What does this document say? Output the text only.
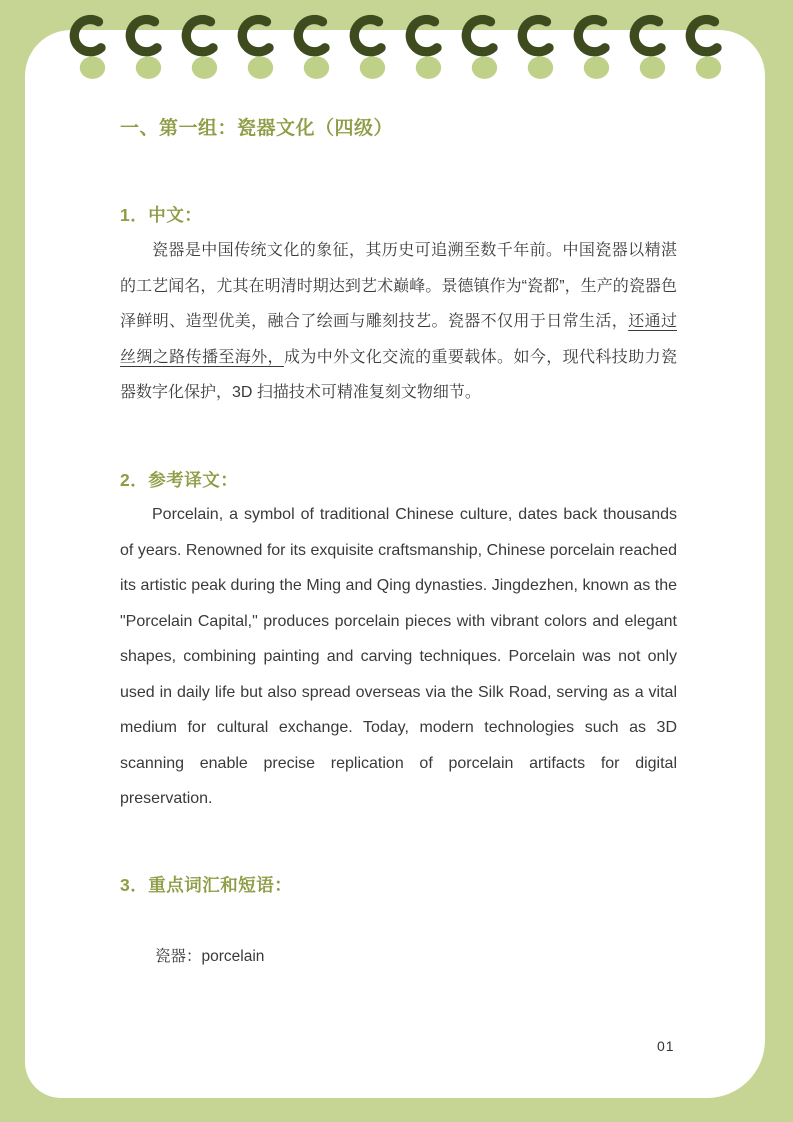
一、第一组：瓷器文化（四级）
1．中文：

瓷器是中国传统文化的象征，其历史可追溯至数千年前。中国瓷器以精湛的工艺闻名，尤其在明清时期达到艺术巅峰。景德镇作为“瓷都”，生产的瓷器色泽鲜明、造型优美，融合了绘画与雕刻技艺。瓷器不仅用于日常生活，还通过丝绸之路传播至海外，成为中外文化交流的重要载体。如今，现代科技助力瓷器数字化保护，3D 扫描技术可精准复刻文物细节。

2．参考译文：

Porcelain, a symbol of traditional Chinese culture, dates back thousands of years. Renowned for its exquisite craftsmanship, Chinese porcelain reached its artistic peak during the Ming and Qing dynasties. Jingdezhen, known as the "Porcelain Capital," produces porcelain pieces with vibrant colors and elegant shapes, combining painting and carving techniques. Porcelain was not only used in daily life but also spread overseas via the Silk Road, serving as a vital medium for cultural exchange. Today, modern technologies such as 3D scanning enable precise replication of porcelain artifacts for digital preservation.

3．重点词汇和短语：

瓷器：porcelain

01
